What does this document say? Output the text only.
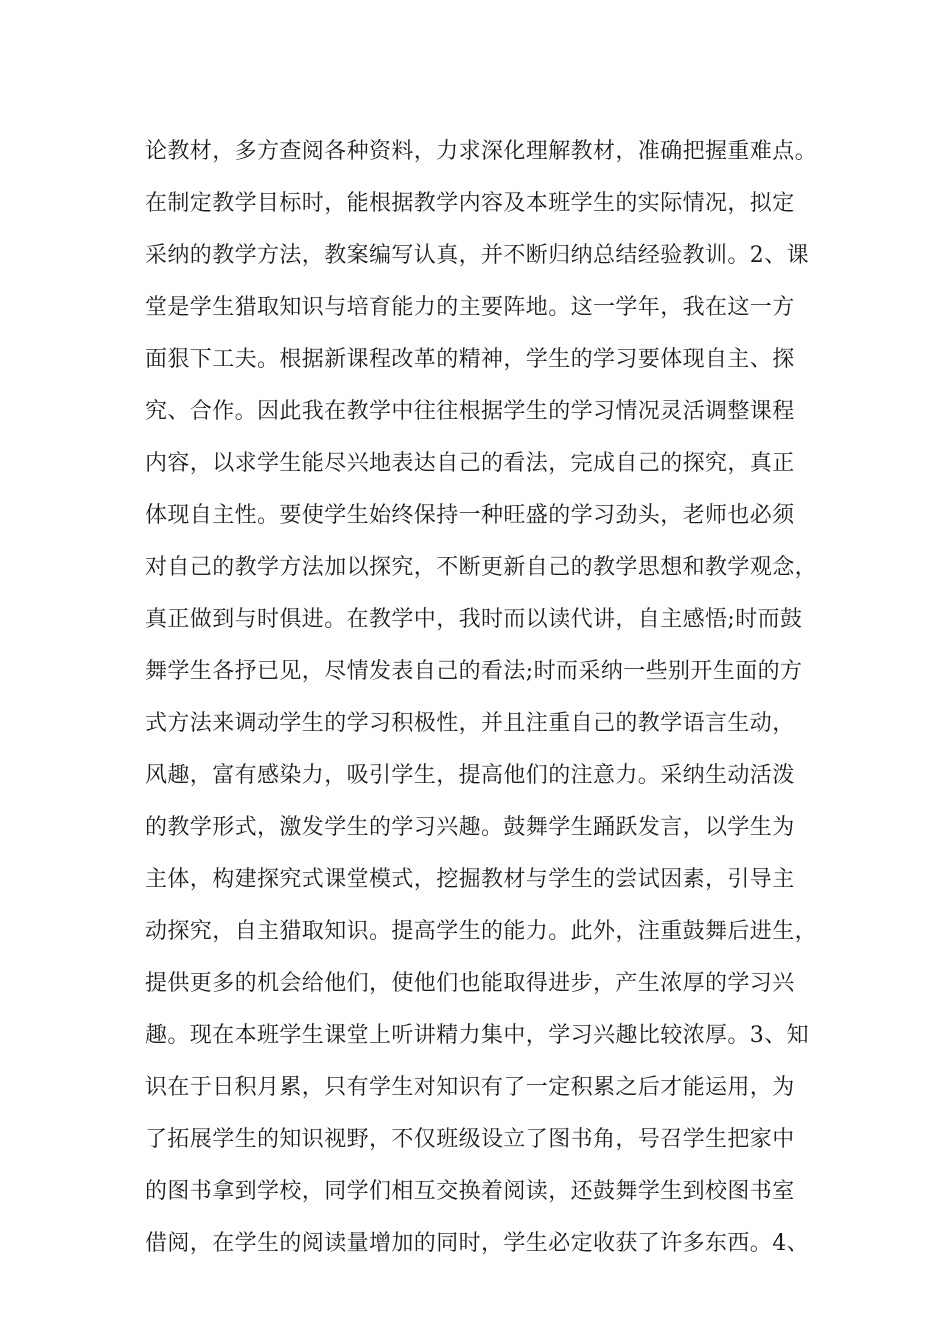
论教材，多方查阅各种资料，力求深化理解教材，准确把握重难点。
在制定教学目标时，能根据教学内容及本班学生的实际情况，拟定
采纳的教学方法，教案编写认真，并不断归纳总结经验教训。2、课
堂是学生猎取知识与培育能力的主要阵地。这一学年，我在这一方
面狠下工夫。根据新课程改革的精神，学生的学习要体现自主、探
究、合作。因此我在教学中往往根据学生的学习情况灵活调整课程
内容，以求学生能尽兴地表达自己的看法，完成自己的探究，真正
体现自主性。要使学生始终保持一种旺盛的学习劲头，老师也必须
对自己的教学方法加以探究，不断更新自己的教学思想和教学观念，
真正做到与时俱进。在教学中，我时而以读代讲，自主感悟;时而鼓
舞学生各抒已见，尽情发表自己的看法;时而采纳一些别开生面的方
式方法来调动学生的学习积极性，并且注重自己的教学语言生动，
风趣，富有感染力，吸引学生，提高他们的注意力。采纳生动活泼
的教学形式，激发学生的学习兴趣。鼓舞学生踊跃发言，以学生为
主体，构建探究式课堂模式，挖掘教材与学生的尝试因素，引导主
动探究，自主猎取知识。提高学生的能力。此外，注重鼓舞后进生，
提供更多的机会给他们，使他们也能取得进步，产生浓厚的学习兴
趣。现在本班学生课堂上听讲精力集中，学习兴趣比较浓厚。3、知
识在于日积月累，只有学生对知识有了一定积累之后才能运用，为
了拓展学生的知识视野，不仅班级设立了图书角，号召学生把家中
的图书拿到学校，同学们相互交换着阅读，还鼓舞学生到校图书室
借阅，在学生的阅读量增加的同时，学生必定收获了许多东西。4、
